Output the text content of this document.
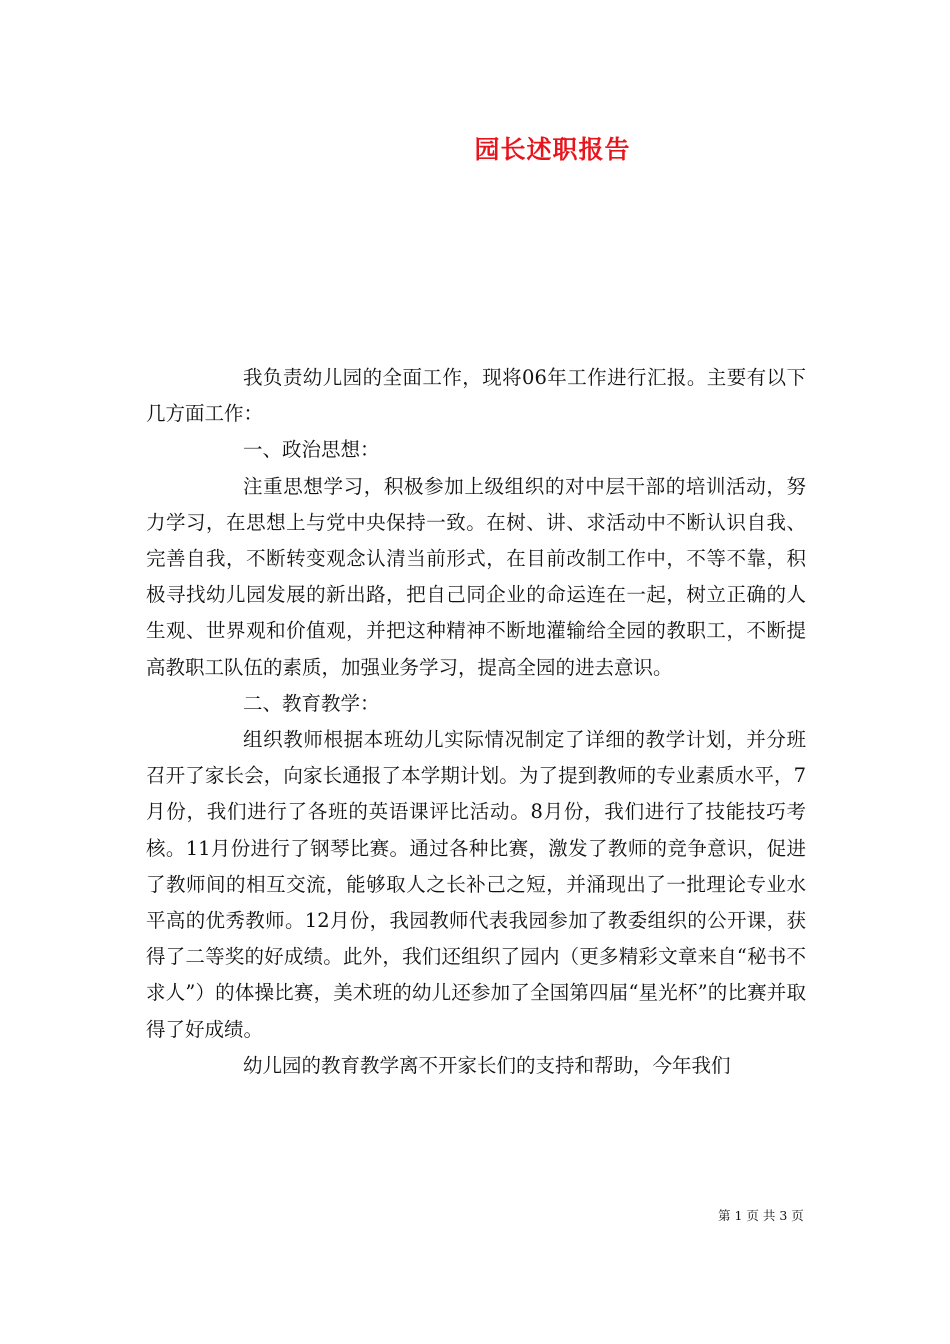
园长述职报告

我负责幼儿园的全面工作，现将06年工作进行汇报。主要有以下几方面工作：

一、政治思想：

注重思想学习，积极参加上级组织的对中层干部的培训活动，努力学习，在思想上与党中央保持一致。在树、讲、求活动中不断认识自我、完善自我，不断转变观念认清当前形式，在目前改制工作中，不等不靠，积极寻找幼儿园发展的新出路，把自己同企业的命运连在一起，树立正确的人生观、世界观和价值观，并把这种精神不断地灌输给全园的教职工，不断提高教职工队伍的素质，加强业务学习，提高全园的进去意识。

二、教育教学：

组织教师根据本班幼儿实际情况制定了详细的教学计划，并分班召开了家长会，向家长通报了本学期计划。为了提到教师的专业素质水平，7月份，我们进行了各班的英语课评比活动。8月份，我们进行了技能技巧考核。11月份进行了钢琴比赛。通过各种比赛，激发了教师的竞争意识，促进了教师间的相互交流，能够取人之长补己之短，并涌现出了一批理论专业水平高的优秀教师。12月份，我园教师代表我园参加了教委组织的公开课，获得了二等奖的好成绩。此外，我们还组织了园内（更多精彩文章来自“秘书不求人”）的体操比赛，美术班的幼儿还参加了全国第四届“星光杯”的比赛并取得了好成绩。

幼儿园的教育教学离不开家长们的支持和帮助，今年我们

第 1 页 共 3 页
